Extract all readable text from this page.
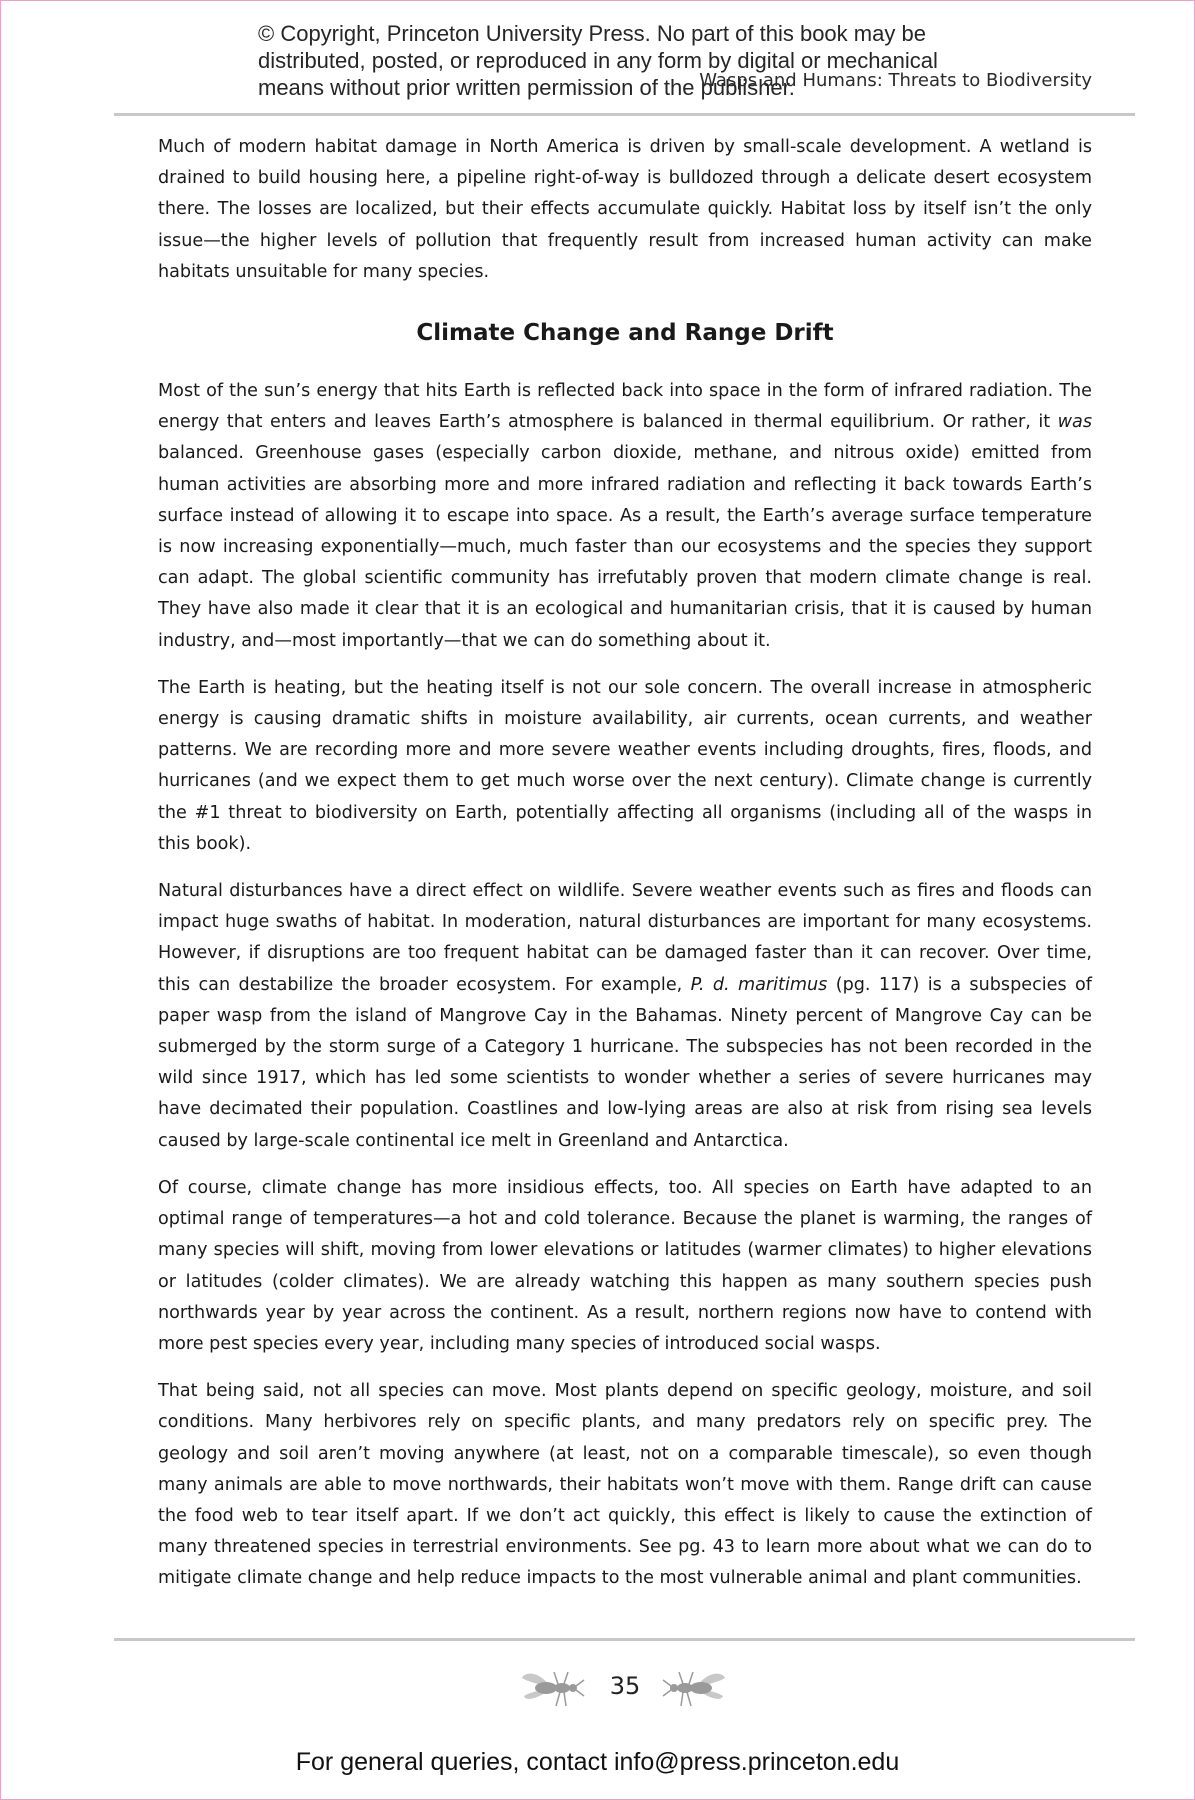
© Copyright, Princeton University Press. No part of this book may be
distributed, posted, or reproduced in any form by digital or mechanical
means without prior written permission of the publisher.
Wasps and Humans: Threats to Biodiversity

Much of modern habitat damage in North America is driven by small-scale development. A wetland is drained to build housing here, a pipeline right-of-way is bulldozed through a delicate desert ecosystem there. The losses are localized, but their effects accumulate quickly. Habitat loss by itself isn’t the only issue—the higher levels of pollution that frequently result from increased human activity can make habitats unsuitable for many species.

Climate Change and Range Drift

Most of the sun’s energy that hits Earth is reflected back into space in the form of infrared radiation. The energy that enters and leaves Earth’s atmosphere is balanced in thermal equilibrium. Or rather, it was balanced. Greenhouse gases (especially carbon dioxide, methane, and nitrous oxide) emitted from human activities are absorbing more and more infrared radiation and reflecting it back towards Earth’s surface instead of allowing it to escape into space. As a result, the Earth’s average surface temperature is now increasing exponentially—much, much faster than our ecosystems and the species they support can adapt. The global scientific community has irrefutably proven that modern climate change is real. They have also made it clear that it is an ecological and humanitarian crisis, that it is caused by human industry, and—most importantly—that we can do something about it.

The Earth is heating, but the heating itself is not our sole concern. The overall increase in atmospheric energy is causing dramatic shifts in moisture availability, air currents, ocean currents, and weather patterns. We are recording more and more severe weather events including droughts, fires, floods, and hurricanes (and we expect them to get much worse over the next century). Climate change is currently the #1 threat to biodiversity on Earth, potentially affecting all organisms (including all of the wasps in this book).

Natural disturbances have a direct effect on wildlife. Severe weather events such as fires and floods can impact huge swaths of habitat. In moderation, natural disturbances are important for many ecosystems. However, if disruptions are too frequent habitat can be damaged faster than it can recover. Over time, this can destabilize the broader ecosystem. For example, P. d. maritimus (pg. 117) is a subspecies of paper wasp from the island of Mangrove Cay in the Bahamas. Ninety percent of Mangrove Cay can be submerged by the storm surge of a Category 1 hurricane. The subspecies has not been recorded in the wild since 1917, which has led some scientists to wonder whether a series of severe hurricanes may have decimated their population. Coastlines and low-lying areas are also at risk from rising sea levels caused by large-scale continental ice melt in Greenland and Antarctica.

Of course, climate change has more insidious effects, too. All species on Earth have adapted to an optimal range of temperatures—a hot and cold tolerance. Because the planet is warming, the ranges of many species will shift, moving from lower elevations or latitudes (warmer climates) to higher elevations or latitudes (colder climates). We are already watching this happen as many southern species push northwards year by year across the continent. As a result, northern regions now have to contend with more pest species every year, including many species of introduced social wasps.

That being said, not all species can move. Most plants depend on specific geology, moisture, and soil conditions. Many herbivores rely on specific plants, and many predators rely on specific prey. The geology and soil aren’t moving anywhere (at least, not on a comparable timescale), so even though many animals are able to move northwards, their habitats won’t move with them. Range drift can cause the food web to tear itself apart. If we don’t act quickly, this effect is likely to cause the extinction of many threatened species in terrestrial environments. See pg. 43 to learn more about what we can do to mitigate climate change and help reduce impacts to the most vulnerable animal and plant communities.

35
For general queries, contact info@press.princeton.edu
